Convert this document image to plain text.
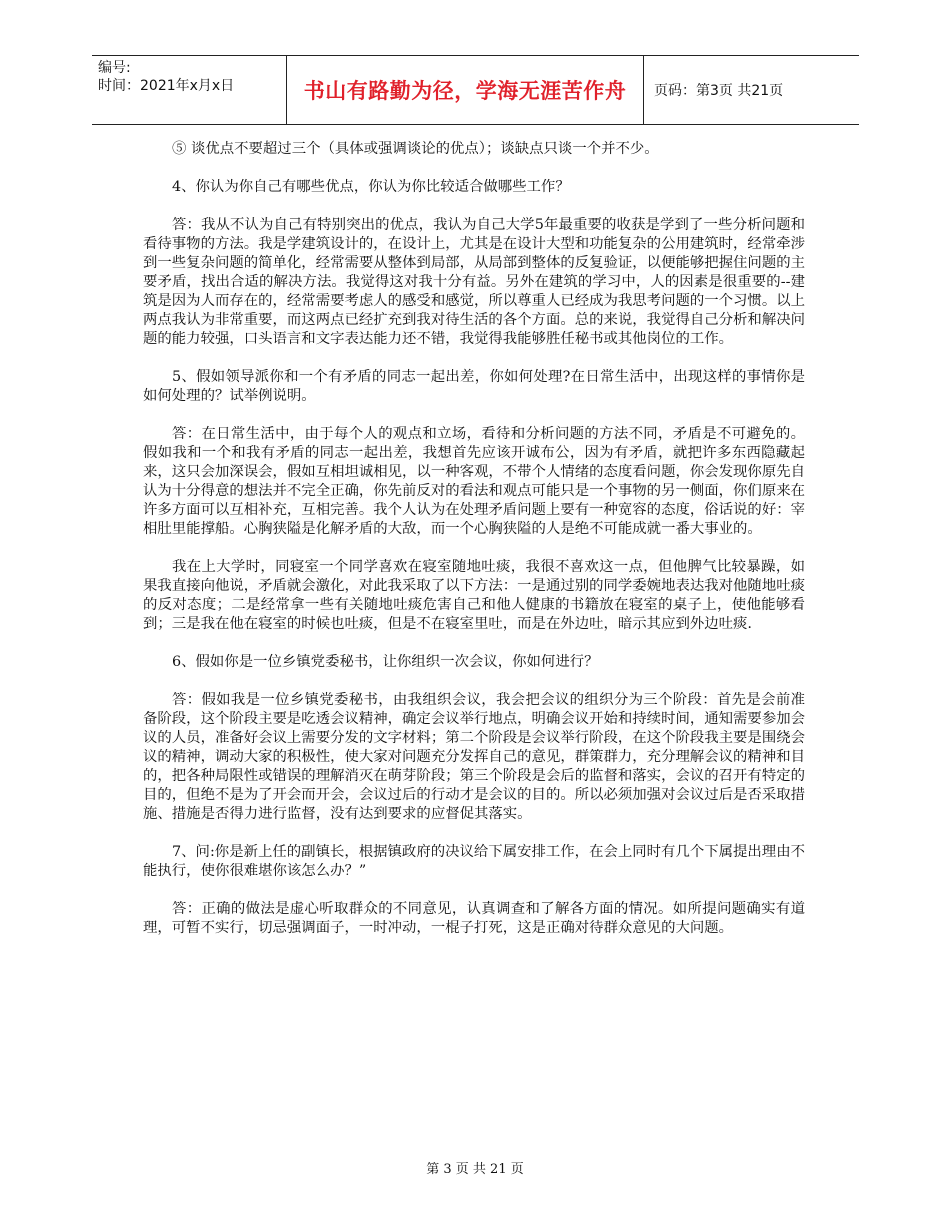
编号:
时间：2021年x月x日	书山有路勤为径，学海无涯苦作舟	页码：第3页 共21页

⑤ 谈优点不要超过三个（具体或强调谈论的优点）；谈缺点只谈一个并不少。

4、你认为你自己有哪些优点，你认为你比较适合做哪些工作？

答：我从不认为自己有特别突出的优点，我认为自己大学5年最重要的收获是学到了一些分析问题和看待事物的方法。我是学建筑设计的，在设计上，尤其是在设计大型和功能复杂的公用建筑时，经常牵涉到一些复杂问题的简单化，经常需要从整体到局部，从局部到整体的反复验证，以便能够把握住问题的主要矛盾，找出合适的解决方法。我觉得这对我十分有益。另外在建筑的学习中，人的因素是很重要的--建筑是因为人而存在的，经常需要考虑人的感受和感觉，所以尊重人已经成为我思考问题的一个习惯。以上两点我认为非常重要，而这两点已经扩充到我对待生活的各个方面。总的来说，我觉得自己分析和解决问题的能力较强，口头语言和文字表达能力还不错，我觉得我能够胜任秘书或其他岗位的工作。

5、假如领导派你和一个有矛盾的同志一起出差，你如何处理?在日常生活中，出现这样的事情你是如何处理的？试举例说明。

答：在日常生活中，由于每个人的观点和立场，看待和分析问题的方法不同，矛盾是不可避免的。假如我和一个和我有矛盾的同志一起出差，我想首先应该开诚布公，因为有矛盾，就把许多东西隐藏起来，这只会加深误会，假如互相坦诚相见，以一种客观，不带个人情绪的态度看问题，你会发现你原先自认为十分得意的想法并不完全正确，你先前反对的看法和观点可能只是一个事物的另一侧面，你们原来在许多方面可以互相补充，互相完善。我个人认为在处理矛盾问题上要有一种宽容的态度，俗话说的好：宰相肚里能撑船。心胸狭隘是化解矛盾的大敌，而一个心胸狭隘的人是绝不可能成就一番大事业的。

我在上大学时，同寝室一个同学喜欢在寝室随地吐痰，我很不喜欢这一点，但他脾气比较暴躁，如果我直接向他说，矛盾就会激化，对此我采取了以下方法：一是通过别的同学委婉地表达我对他随地吐痰的反对态度；二是经常拿一些有关随地吐痰危害自己和他人健康的书籍放在寝室的桌子上，使他能够看到；三是我在他在寝室的时候也吐痰，但是不在寝室里吐，而是在外边吐，暗示其应到外边吐痰.

6、假如你是一位乡镇党委秘书，让你组织一次会议，你如何进行？

答：假如我是一位乡镇党委秘书，由我组织会议，我会把会议的组织分为三个阶段：首先是会前准备阶段，这个阶段主要是吃透会议精神，确定会议举行地点，明确会议开始和持续时间，通知需要参加会议的人员，准备好会议上需要分发的文字材料；第二个阶段是会议举行阶段，在这个阶段我主要是围绕会议的精神，调动大家的积极性，使大家对问题充分发挥自己的意见，群策群力，充分理解会议的精神和目的，把各种局限性或错误的理解消灭在萌芽阶段；第三个阶段是会后的监督和落实，会议的召开有特定的目的，但绝不是为了开会而开会，会议过后的行动才是会议的目的。所以必须加强对会议过后是否采取措施、措施是否得力进行监督，没有达到要求的应督促其落实。

7、问:你是新上任的副镇长，根据镇政府的决议给下属安排工作，在会上同时有几个下属提出理由不能执行，使你很难堪你该怎么办？”

答：正确的做法是虚心听取群众的不同意见，认真调查和了解各方面的情况。如所提问题确实有道理，可暂不实行，切忌强调面子，一时冲动，一棍子打死，这是正确对待群众意见的大问题。

第 3 页 共 21 页
